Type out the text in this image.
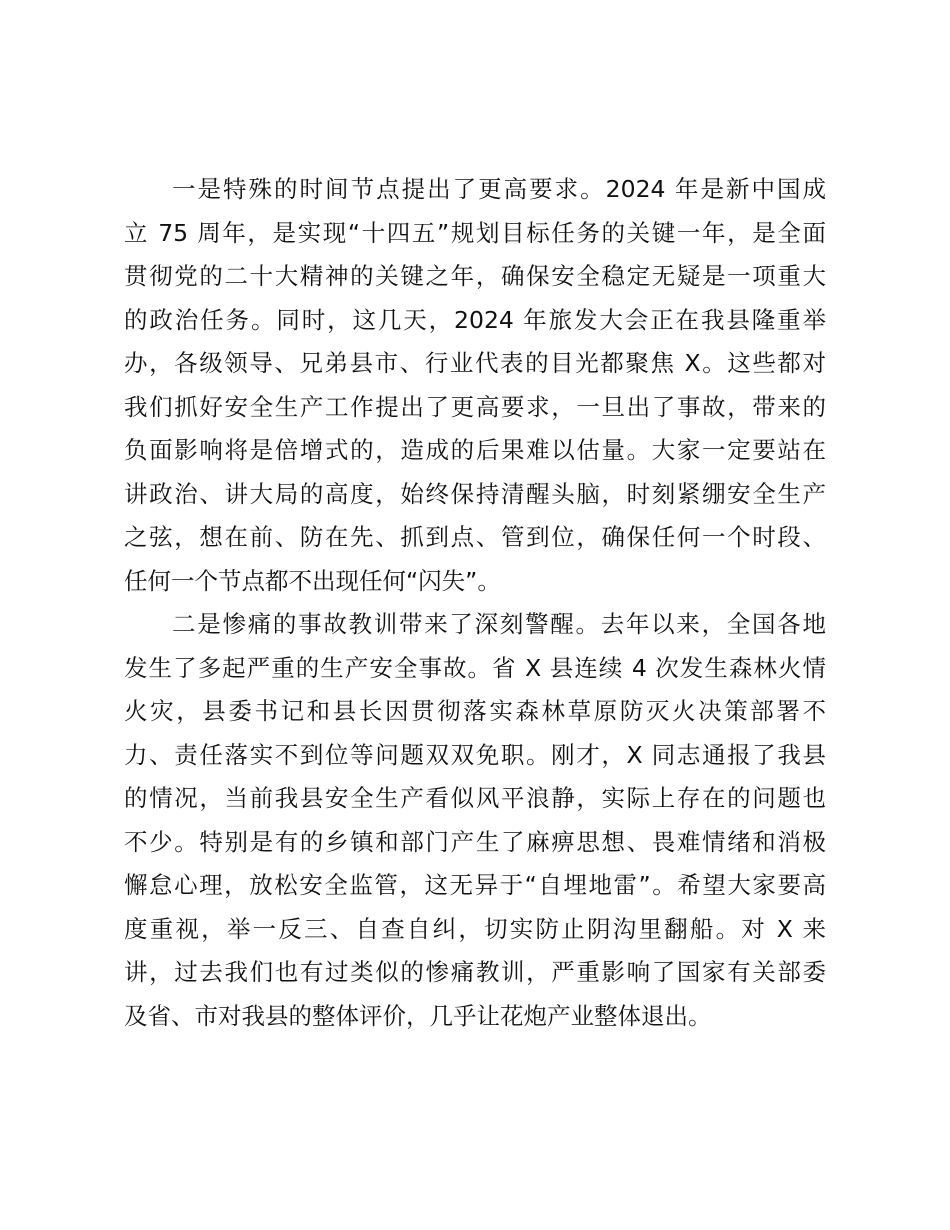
一是特殊的时间节点提出了更高要求。2024 年是新中国成
立 75 周年，是实现“十四五”规划目标任务的关键一年，是全面
贯彻党的二十大精神的关键之年，确保安全稳定无疑是一项重大
的政治任务。同时，这几天，2024 年旅发大会正在我县隆重举
办，各级领导、兄弟县市、行业代表的目光都聚焦 X。这些都对
我们抓好安全生产工作提出了更高要求，一旦出了事故，带来的
负面影响将是倍增式的，造成的后果难以估量。大家一定要站在
讲政治、讲大局的高度，始终保持清醒头脑，时刻紧绷安全生产
之弦，想在前、防在先、抓到点、管到位，确保任何一个时段、
任何一个节点都不出现任何“闪失”。
二是惨痛的事故教训带来了深刻警醒。去年以来，全国各地
发生了多起严重的生产安全事故。省 X 县连续 4 次发生森林火情
火灾，县委书记和县长因贯彻落实森林草原防灭火决策部署不
力、责任落实不到位等问题双双免职。刚才，X 同志通报了我县
的情况，当前我县安全生产看似风平浪静，实际上存在的问题也
不少。特别是有的乡镇和部门产生了麻痹思想、畏难情绪和消极
懈怠心理，放松安全监管，这无异于“自埋地雷”。希望大家要高
度重视，举一反三、自查自纠，切实防止阴沟里翻船。对 X 来
讲，过去我们也有过类似的惨痛教训，严重影响了国家有关部委
及省、市对我县的整体评价，几乎让花炮产业整体退出。
